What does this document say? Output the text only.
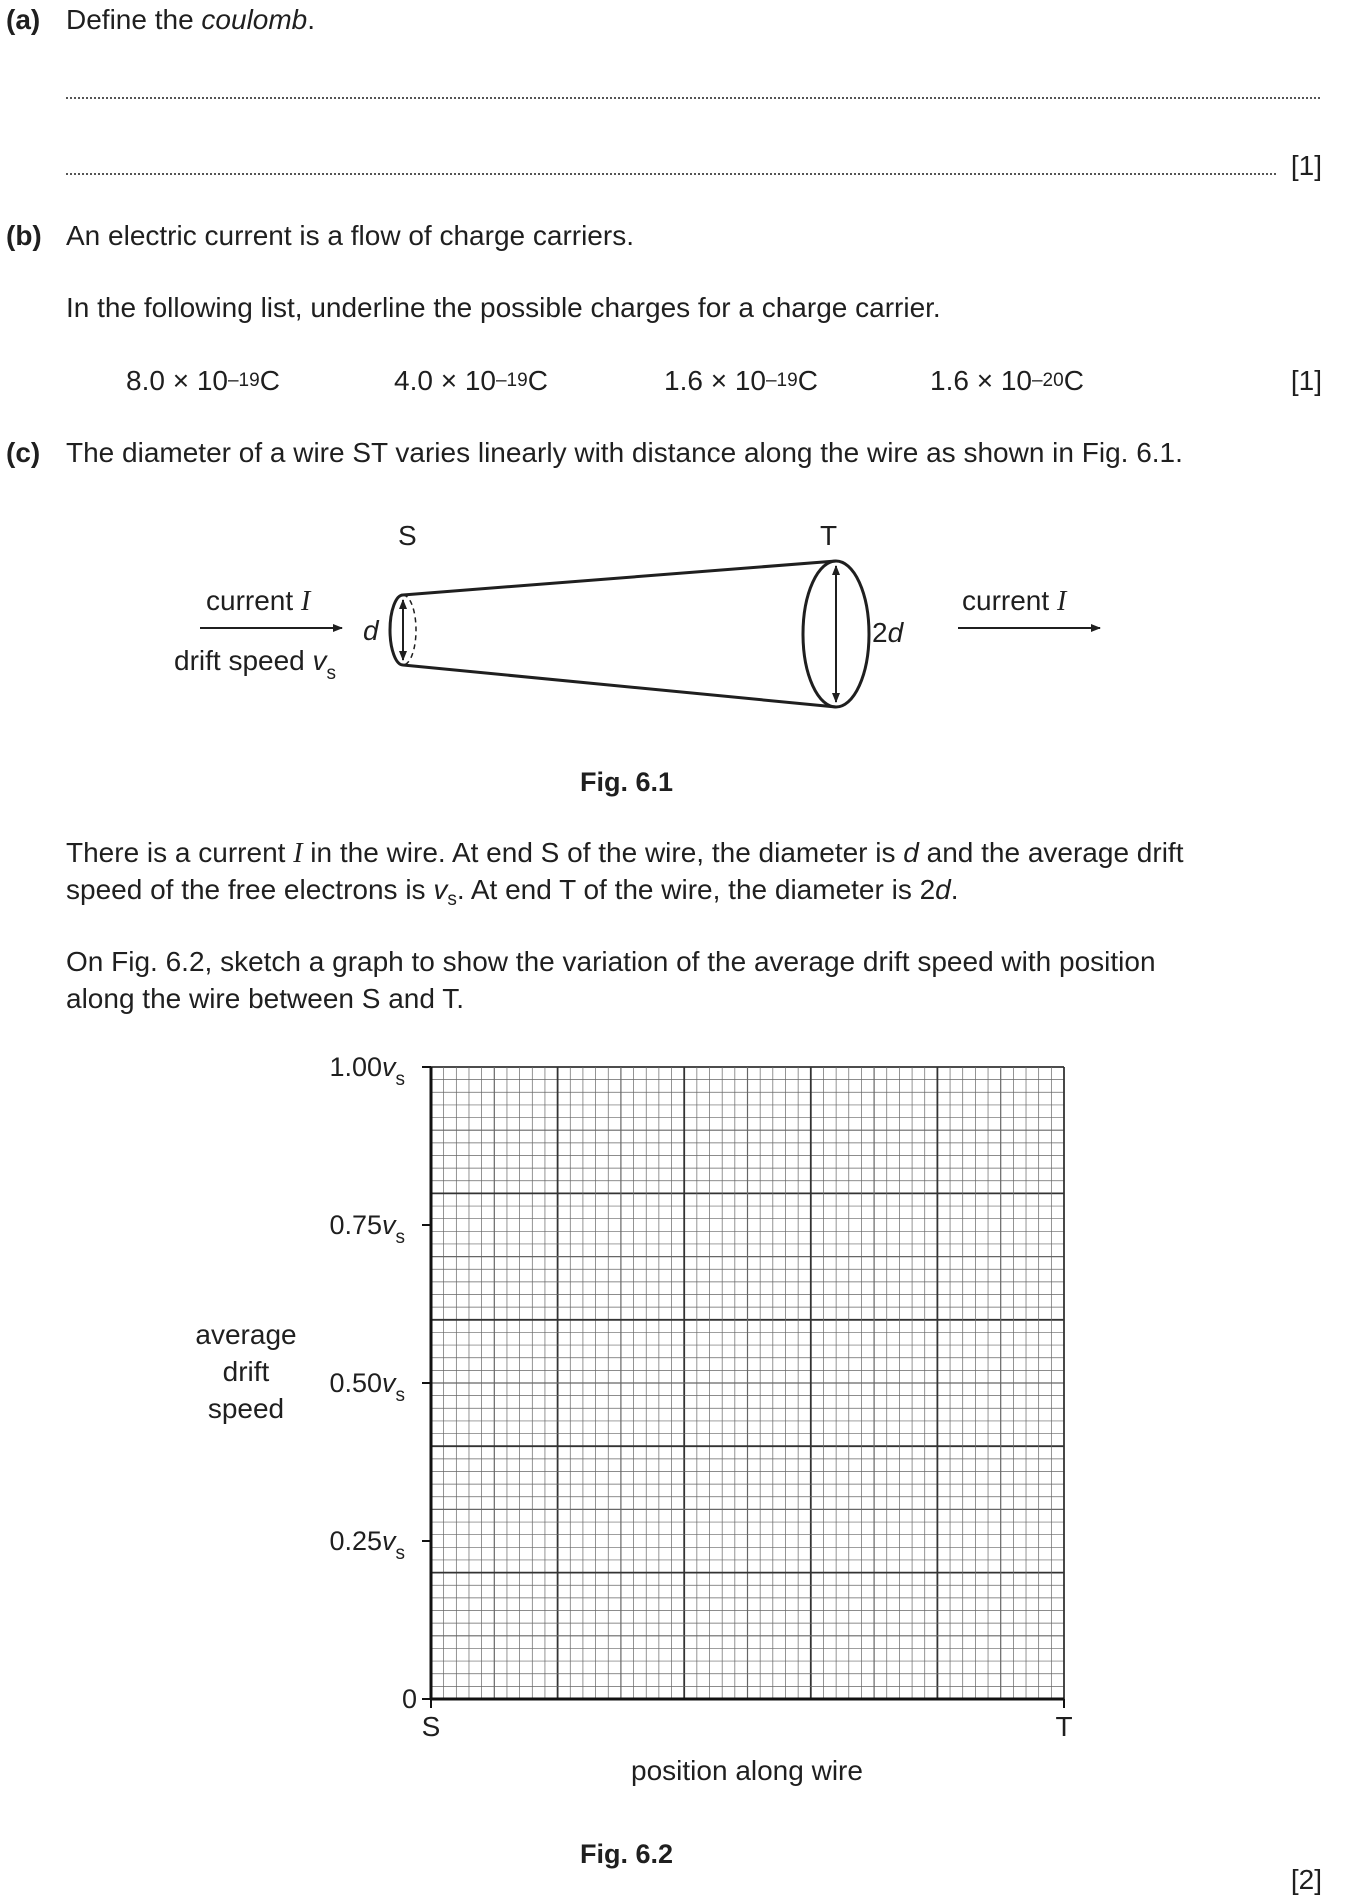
(a) Define the coulomb.
[1]
(b) An electric current is a flow of charge carriers.
In the following list, underline the possible charges for a charge carrier.
$8.0 \times 10^{-19}C$	$4.0 \times 10^{-19}C$	$1.6 \times 10^{-19}C$	$1.6 \times 10^{-20}C$	[1]
(c) The diameter of a wire ST varies linearly with distance along the wire as shown in Fig. 6.1.
S	T
current I
drift speed $v_s$
d	2d
current I
Fig. 6.1
There is a current I in the wire. At end S of the wire, the diameter is d and the average drift
speed of the free electrons is $v_s$. At end T of the wire, the diameter is 2d.
On Fig. 6.2, sketch a graph to show the variation of the average drift speed with position
along the wire between S and T.
0
$0.25v_s$
$0.50v_s$
$0.75v_s$
$1.00v_s$
S	T
average
drift
speed
position along wire
Fig. 6.2
[2]
